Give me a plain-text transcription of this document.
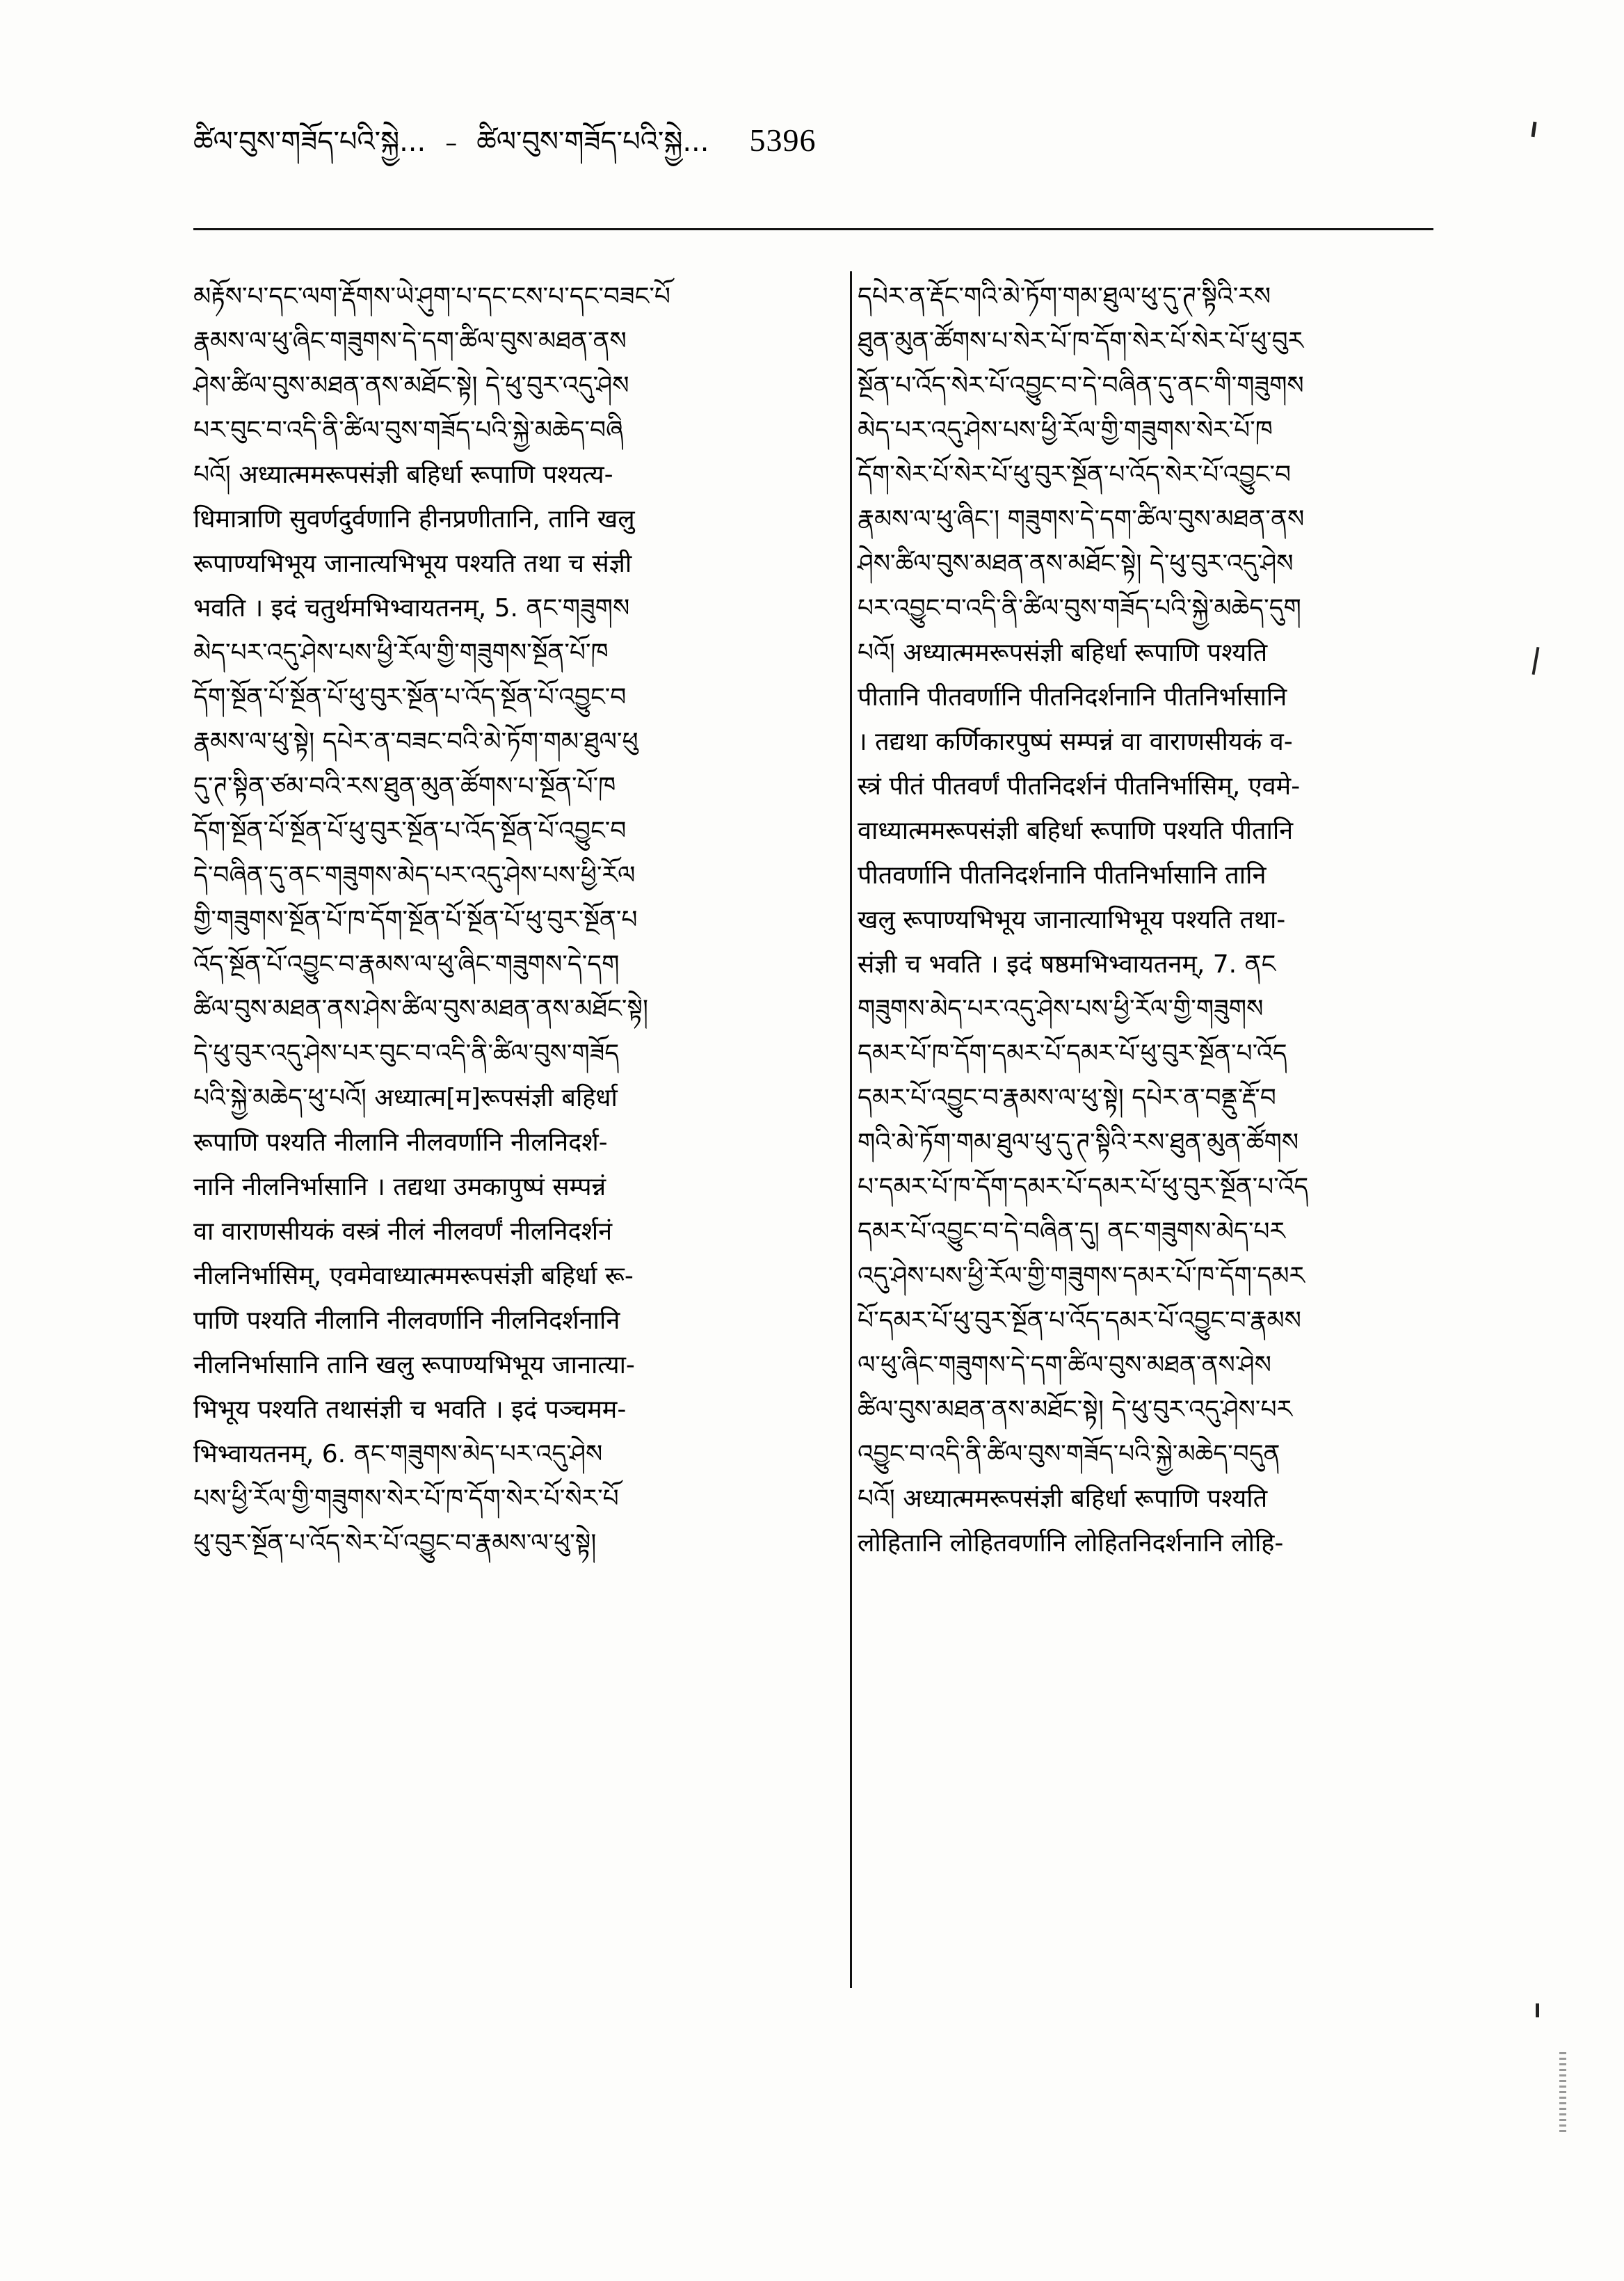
ཚིལ་བུས་གཟོད་པའི་སྐྱེ... – ཚིལ་བུས་གཟོད་པའི་སྐྱེ... 5396

མརྟོས་པ་དང་ལག་རྡོགས་ཡེ་ཤུག་པ་དང་ངས་པ་དང་བཟང་པོ

རྣམས་ལ་ཕུ་ཞིང་གཟུགས་དེ་དག་ཚིལ་བུས་མཐན་ནས

ཤེས་ཚིལ་བུས་མཐན་ནས་མཐོང་སྟེ། དེ་ཕུ་བུར་འདུ་ཤེས

པར་བུང་བ་འདི་ནི་ཚིལ་བུས་གཟོད་པའི་སྐྱེ་མཆེད་བཞི

པའོ། अध्यात्ममरूपसंज्ञी बहिर्धा रूपाणि पश्यत्य-

धिमात्राणि सुवर्णदुर्वणानि हीनप्रणीतानि, तानि खलु

रूपाण्यभिभूय जानात्यभिभूय पश्यति तथा च संज्ञी

भवति । इदं चतुर्थमभिभ्वायतनम्, 5. ནང་གཟུགས

མེད་པར་འདུ་ཤེས་པས་ཕྱི་རོལ་གྱི་གཟུགས་སྔོན་པོ་ཁ

དོག་སྔོན་པོ་སྔོན་པོ་ཕུ་བུར་སྔོན་པ་འོད་སྔོན་པོ་འབྱུང་བ

རྣམས་ལ་ཕུ་སྟེ། དཔེར་ན་བཟང་བའི་མེ་ཏོག་གམ་ཐུལ་ཕུ

དུ་ཊ་སྟིན་ཙམ་བའི་རས་ཐུན་མུན་ཚོགས་པ་སྔོན་པོ་ཁ

དོག་སྔོན་པོ་སྔོན་པོ་ཕུ་བུར་སྔོན་པ་འོད་སྔོན་པོ་འབྱུང་བ

དེ་བཞིན་དུ་ནང་གཟུགས་མེད་པར་འདུ་ཤེས་པས་ཕྱི་རོལ

གྱི་གཟུགས་སྔོན་པོ་ཁ་དོག་སྔོན་པོ་སྔོན་པོ་ཕུ་བུར་སྔོན་པ

འོད་སྔོན་པོ་འབྱུང་བ་རྣམས་ལ་ཕུ་ཞིང་གཟུགས་དེ་དག

ཚིལ་བུས་མཐན་ནས་ཤེས་ཚིལ་བུས་མཐན་ནས་མཐོང་སྟེ།

དེ་ཕུ་བུར་འདུ་ཤེས་པར་བུང་བ་འདི་ནི་ཚིལ་བུས་གཟོད

པའི་སྐྱེ་མཆེད་ཕུ་པའོ། अध्यात्म[म]रूपसंज्ञी बहिर्धा

रूपाणि पश्यति नीलानि नीलवर्णानि नीलनिदर्श-

नानि नीलनिर्भासानि । तद्यथा उमकापुष्पं सम्पन्नं

वा वाराणसीयकं वस्त्रं नीलं नीलवर्णं नीलनिदर्शनं

नीलनिर्भासिम्, एवमेवाध्यात्ममरूपसंज्ञी बहिर्धा रू-

पाणि पश्यति नीलानि नीलवर्णानि नीलनिदर्शनानि

नीलनिर्भासानि तानि खलु रूपाण्यभिभूय जानात्या-

भिभूय पश्यति तथासंज्ञी च भवति । इदं पञ्चमम-

भिभ्वायतनम्, 6. ནང་གཟུགས་མེད་པར་འདུ་ཤེས

པས་ཕྱི་རོལ་གྱི་གཟུགས་སེར་པོ་ཁ་དོག་སེར་པོ་སེར་པོ

ཕུ་བུར་སྔོན་པ་འོད་སེར་པོ་འབྱུང་བ་རྣམས་ལ་ཕུ་སྟེ།

དཔེར་ན་རྡོང་གའི་མེ་ཏོག་གམ་ཐུལ་ཕུ་དུ་ཊ་སྟིའི་རས

ཐུན་མུན་ཚོགས་པ་སེར་པོ་ཁ་དོག་སེར་པོ་སེར་པོ་ཕུ་བུར

སྔོན་པ་འོད་སེར་པོ་འབྱུང་བ་དེ་བཞིན་དུ་ནང་གི་གཟུགས

མེད་པར་འདུ་ཤེས་པས་ཕྱི་རོལ་གྱི་གཟུགས་སེར་པོ་ཁ

དོག་སེར་པོ་སེར་པོ་ཕུ་བུར་སྔོན་པ་འོད་སེར་པོ་འབྱུང་བ

རྣམས་ལ་ཕུ་ཞིང་། གཟུགས་དེ་དག་ཚིལ་བུས་མཐན་ནས

ཤེས་ཚིལ་བུས་མཐན་ནས་མཐོང་སྟེ། དེ་ཕུ་བུར་འདུ་ཤེས

པར་འབྱུང་བ་འདི་ནི་ཚིལ་བུས་གཟོད་པའི་སྐྱེ་མཆེད་དུག

པའོ། अध्यात्ममरूपसंज्ञी बहिर्धा रूपाणि पश्यति

पीतानि पीतवर्णानि पीतनिदर्शनानि पीतनिर्भासानि

। तद्यथा कर्णिकारपुष्पं सम्पन्नं वा वाराणसीयकं व-

स्त्रं पीतं पीतवर्णं पीतनिदर्शनं पीतनिर्भासिम्, एवमे-

वाध्यात्ममरूपसंज्ञी बहिर्धा रूपाणि पश्यति पीतानि

पीतवर्णानि पीतनिदर्शनानि पीतनिर्भासानि तानि

खलु रूपाण्यभिभूय जानात्याभिभूय पश्यति तथा-

संज्ञी च भवति । इदं षष्ठमभिभ्वायतनम्, 7. ནང

གཟུགས་མེད་པར་འདུ་ཤེས་པས་ཕྱི་རོལ་གྱི་གཟུགས

དམར་པོ་ཁ་དོག་དམར་པོ་དམར་པོ་ཕུ་བུར་སྔོན་པ་འོད

དམར་པོ་འབྱུང་བ་རྣམས་ལ་ཕུ་སྟེ། དཔེར་ན་བནྡུ་རྡོ་བ

གའི་མེ་ཏོག་གམ་ཐུལ་ཕུ་དུ་ཊ་སྟིའི་རས་ཐུན་མུན་ཚོགས

པ་དམར་པོ་ཁ་དོག་དམར་པོ་དམར་པོ་ཕུ་བུར་སྔོན་པ་འོད

དམར་པོ་འབྱུང་བ་དེ་བཞིན་དུ། ནང་གཟུགས་མེད་པར

འདུ་ཤེས་པས་ཕྱི་རོལ་གྱི་གཟུགས་དམར་པོ་ཁ་དོག་དམར

པོ་དམར་པོ་ཕུ་བུར་སྔོན་པ་འོད་དམར་པོ་འབྱུང་བ་རྣམས

ལ་ཕུ་ཞིང་གཟུགས་དེ་དག་ཚིལ་བུས་མཐན་ནས་ཤེས

ཚིལ་བུས་མཐན་ནས་མཐོང་སྟེ། དེ་ཕུ་བུར་འདུ་ཤེས་པར

འབྱུང་བ་འདི་ནི་ཚིལ་བུས་གཟོད་པའི་སྐྱེ་མཆེད་བདུན

པའོ། अध्यात्ममरूपसंज्ञी बहिर्धा रूपाणि पश्यति

लोहितानि लोहितवर्णानि लोहितनिदर्शनानि लोहि-
